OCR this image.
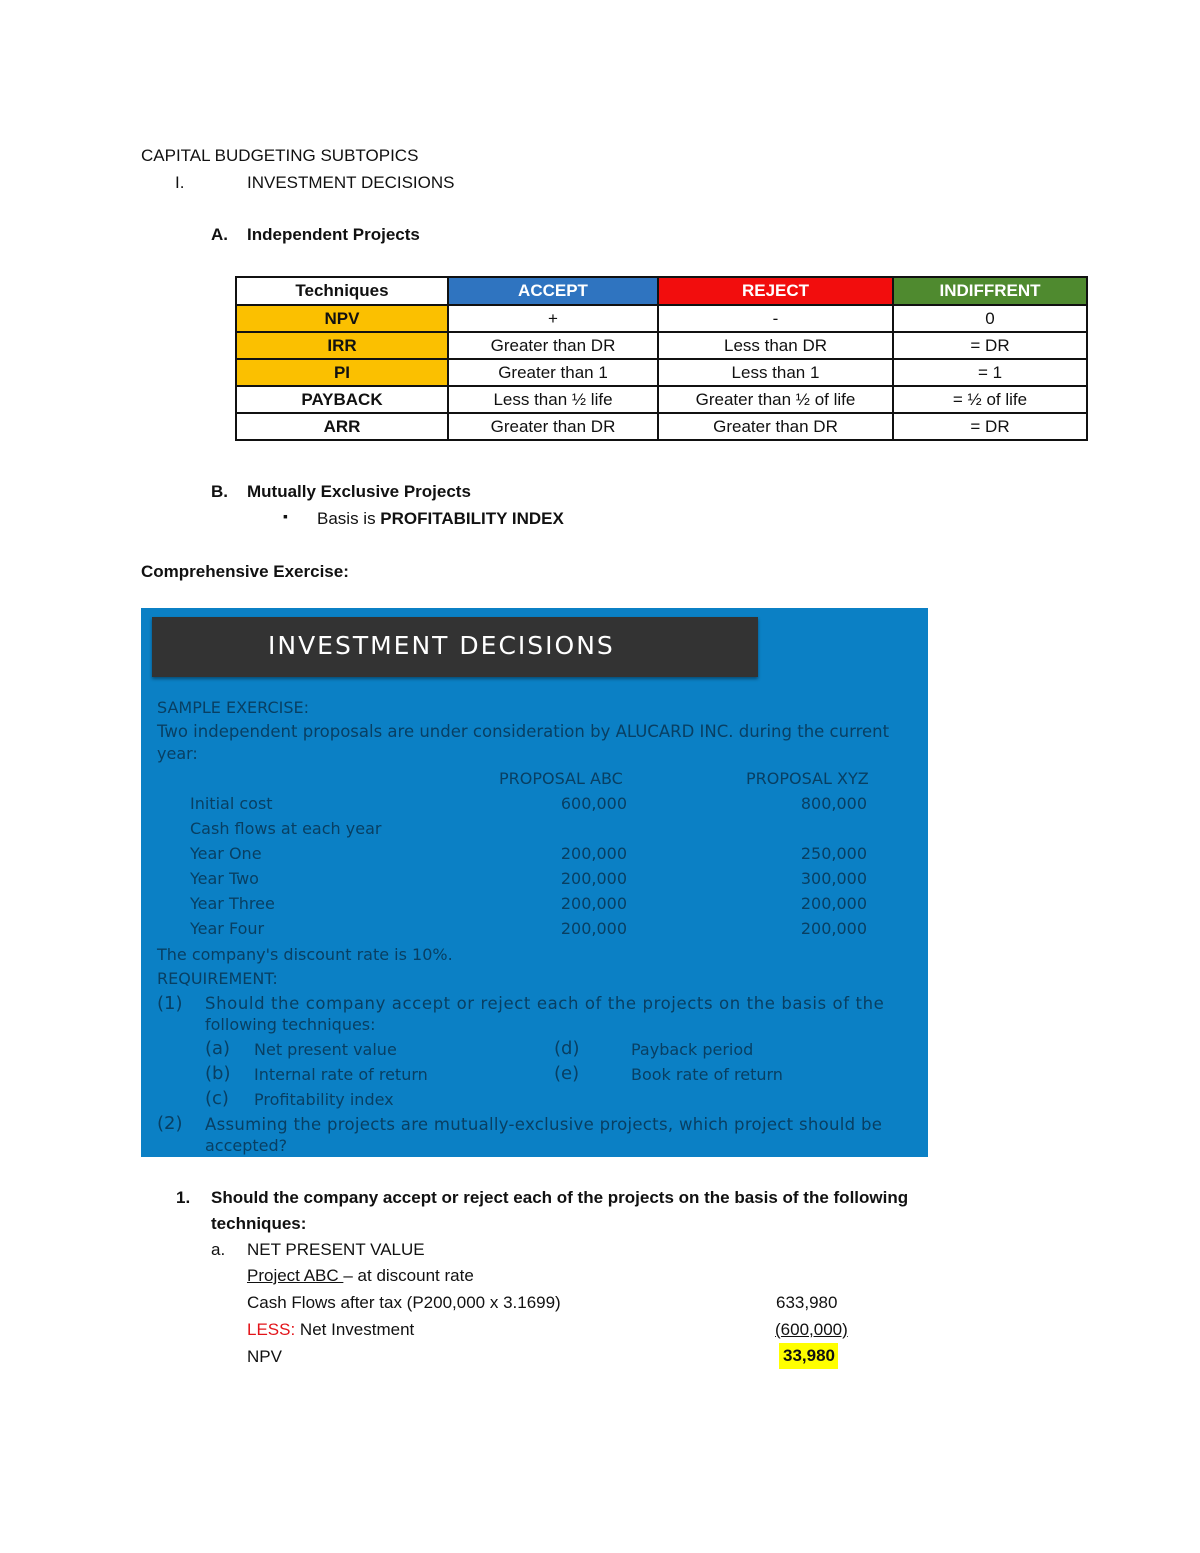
CAPITAL BUDGETING SUBTOPICS
I.	INVESTMENT DECISIONS
A. Independent Projects
Techniques	ACCEPT	REJECT	INDIFFRENT
NPV	+	-	0
IRR	Greater than DR	Less than DR	= DR
PI	Greater than 1	Less than 1	= 1
PAYBACK	Less than ½ life	Greater than ½ of life	= ½ of life
ARR	Greater than DR	Greater than DR	= DR
B. Mutually Exclusive Projects
▪ Basis is PROFITABILITY INDEX
Comprehensive Exercise:
INVESTMENT DECISIONS
SAMPLE EXERCISE:
Two independent proposals are under consideration by ALUCARD INC. during the current
year:
PROPOSAL ABC	PROPOSAL XYZ
Initial cost	600,000	800,000
Cash flows at each year
Year One	200,000	250,000
Year Two	200,000	300,000
Year Three	200,000	200,000
Year Four	200,000	200,000
The company's discount rate is 10%.
REQUIREMENT:
(1) Should the company accept or reject each of the projects on the basis of the
following techniques:
(a) Net present value
(b) Internal rate of return
(c) Profitability index
(d)	Payback period
(e)	Book rate of return
(2) Assuming the projects are mutually-exclusive projects, which project should be
accepted?
1. Should the company accept or reject each of the projects on the basis of the following
techniques:
a. NET PRESENT VALUE
Project ABC – at discount rate
Cash Flows after tax (P200,000 x 3.1699)	633,980
LESS: Net Investment	(600,000)
NPV	33,980
